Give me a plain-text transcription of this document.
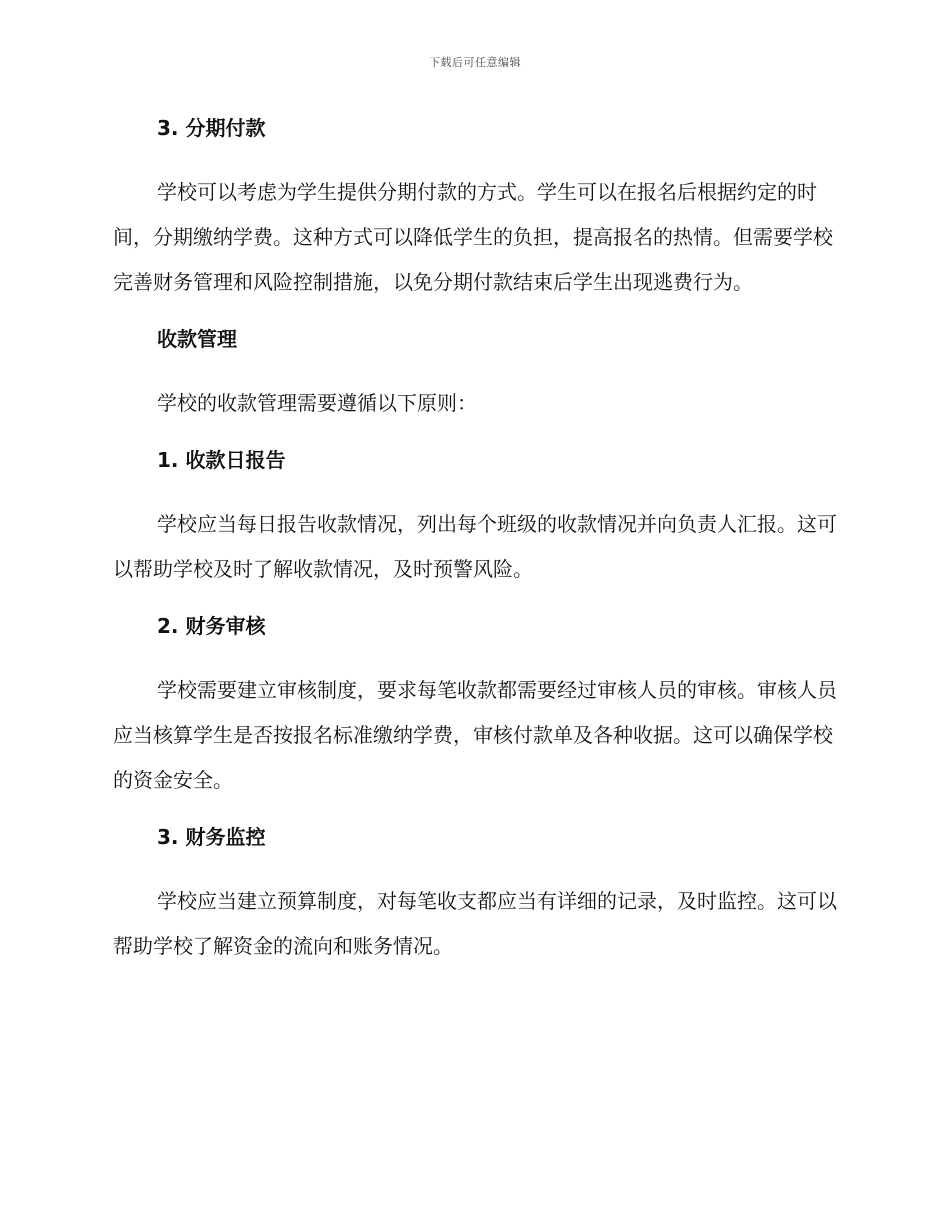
下载后可任意编辑
3. 分期付款

学校可以考虑为学生提供分期付款的方式。学生可以在报名后根据约定的时间，分期缴纳学费。这种方式可以降低学生的负担，提高报名的热情。但需要学校完善财务管理和风险控制措施，以免分期付款结束后学生出现逃费行为。

收款管理

学校的收款管理需要遵循以下原则：

1. 收款日报告

学校应当每日报告收款情况，列出每个班级的收款情况并向负责人汇报。这可以帮助学校及时了解收款情况，及时预警风险。

2. 财务审核

学校需要建立审核制度，要求每笔收款都需要经过审核人员的审核。审核人员应当核算学生是否按报名标准缴纳学费，审核付款单及各种收据。这可以确保学校的资金安全。

3. 财务监控

学校应当建立预算制度，对每笔收支都应当有详细的记录，及时监控。这可以帮助学校了解资金的流向和账务情况。
